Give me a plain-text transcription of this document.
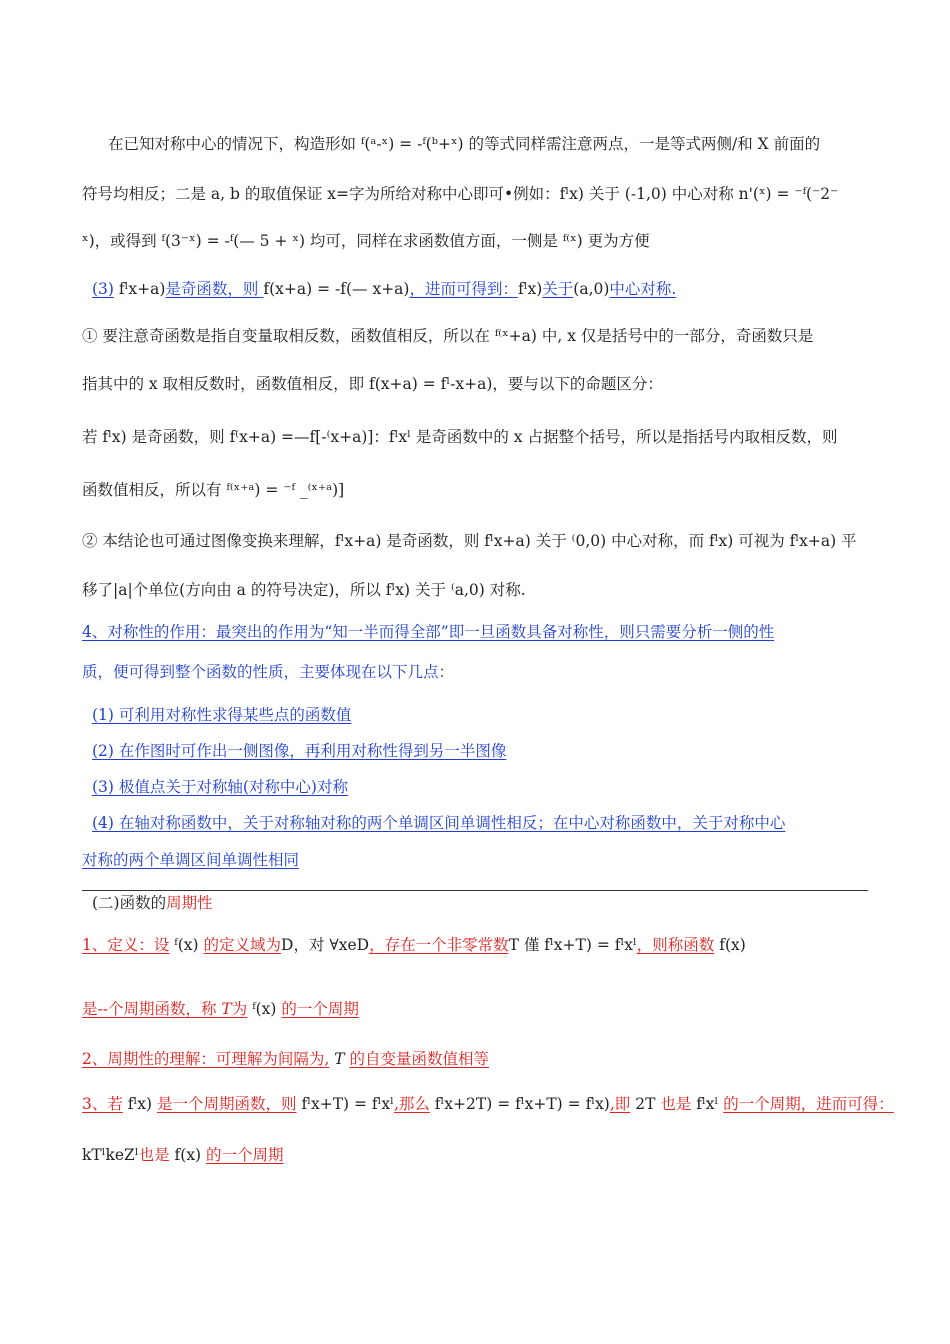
在已知对称中心的情况下，构造形如 ᶠ(ᵃ-ˣ) = -ᶠ(ᵇ+ˣ) 的等式同样需注意两点，一是等式两侧/和 X 前面的
符号均相反；二是 a, b 的取值保证 x=字为所给对称中心即可•例如：fˡx) 关于 (-1,0) 中心对称 n'(ˣ) = ⁻ᶠ(⁻2⁻
ˣ)，或得到 ᶠ(3⁻ˣ) = -ᶠ(— 5 + ˣ) 均可，同样在求函数值方面，一侧是 ᶠ⁽ˣ) 更为方便
(3) fˡx+a)是奇函数，则 f(x+a) = -f(— x+a)，进而可得到：fˡx)关于(a,0)中心对称.
① 要注意奇函数是指自变量取相反数，函数值相反，所以在 ᶠ⁽ˣ+a) 中, x 仅是括号中的一部分，奇函数只是
指其中的 x 取相反数时，函数值相反，即 f(x+a) = fˡ-x+a)，要与以下的命题区分：
若 fˡx) 是奇函数，则 f⁽x+a) =—f[-⁽x+a)]：fˡxˡ 是奇函数中的 x 占据整个括号，所以是指括号内取相反数，则
函数值相反，所以有 ᶠ⁽ˣ⁺ᵃ) = ⁻ᶠ _⁽ˣ⁺ᵃ)]
② 本结论也可通过图像变换来理解，fˡx+a) 是奇函数，则 fˡx+a) 关于 ⁽0,0) 中心对称，而 fˡx) 可视为 fˡx+a) 平
移了|a|个单位(方向由 a 的符号决定)，所以 fˡx) 关于 ⁽a,0) 对称.
4、对称性的作用：最突出的作用为“知一半而得全部”即一旦函数具备对称性，则只需要分析一侧的性
质，便可得到整个函数的性质，主要体现在以下几点：
(1) 可利用对称性求得某些点的函数值
(2) 在作图时可作出一侧图像，再利用对称性得到另一半图像
(3) 极值点关于对称轴(对称中心)对称
(4) 在轴对称函数中，关于对称轴对称的两个单调区间单调性相反；在中心对称函数中，关于对称中心
对称的两个单调区间单调性相同
(二)函数的周期性
1、定义：设 ᶠ(x) 的定义域为D，对 ∀xeD，存在一个非零常数T 僅 fˡx+T) = fˡxˡ，则称函数 f(x)
是--个周期函数，称 T为 ᶠ(x) 的一个周期
2、周期性的理解：可理解为间隔为, T 的自变量函数值相等
3、若 fˡx) 是一个周期函数，则 fˡx+T) = fˡxˡ,那么 fˡx+2T) = fˡx+T) = fˡx),即 2T 也是 fˡxˡ 的一个周期，进而可得：
kTˡkeZˡ也是 f(x) 的一个周期
